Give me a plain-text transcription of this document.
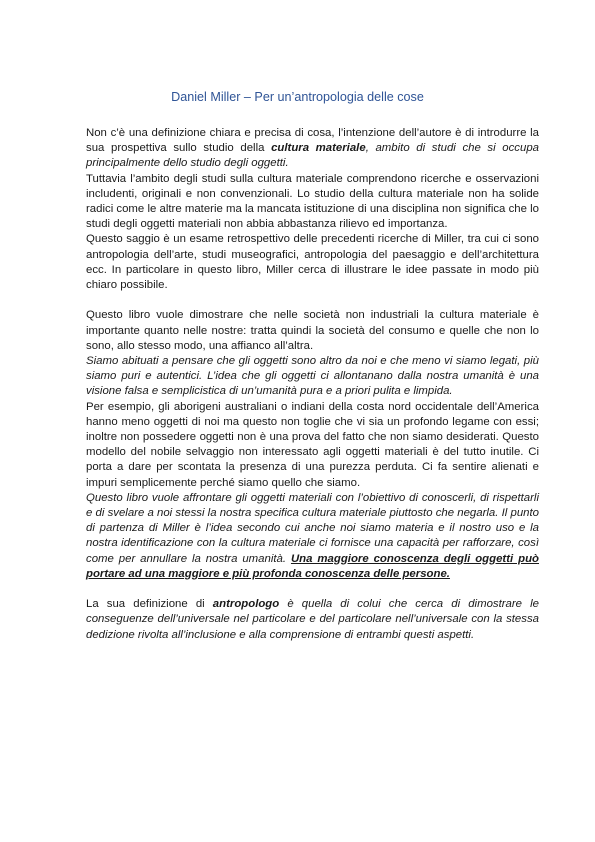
Daniel Miller – Per un’antropologia delle cose

Non c’è una definizione chiara e precisa di cosa, l’intenzione dell’autore è di introdurre la sua prospettiva sullo studio della cultura materiale, ambito di studi che si occupa principalmente dello studio degli oggetti.

Tuttavia l’ambito degli studi sulla cultura materiale comprendono ricerche e osservazioni includenti, originali e non convenzionali. Lo studio della cultura materiale non ha solide radici come le altre materie ma la mancata istituzione di una disciplina non significa che lo studi degli oggetti materiali non abbia abbastanza rilievo ed importanza.

Questo saggio è un esame retrospettivo delle precedenti ricerche di Miller, tra cui ci sono antropologia dell’arte, studi museografici, antropologia del paesaggio e dell’architettura ecc. In particolare in questo libro, Miller cerca di illustrare le idee passate in modo più chiaro possibile.

Questo libro vuole dimostrare che nelle società non industriali la cultura materiale è importante quanto nelle nostre: tratta quindi la società del consumo e quelle che non lo sono, allo stesso modo, una affianco all’altra.

Siamo abituati a pensare che gli oggetti sono altro da noi e che meno vi siamo legati, più siamo puri e autentici. L’idea che gli oggetti ci allontanano dalla nostra umanità è una visione falsa e semplicistica di un’umanità pura e a priori pulita e limpida.

Per esempio, gli aborigeni australiani o indiani della costa nord occidentale dell’America hanno meno oggetti di noi ma questo non toglie che vi sia un profondo legame con essi; inoltre non possedere oggetti non è una prova del fatto che non siamo desiderati. Questo modello del nobile selvaggio non interessato agli oggetti materiali è del tutto inutile. Ci porta a dare per scontata la presenza di una purezza perduta. Ci fa sentire alienati e impuri semplicemente perché siamo quello che siamo.

Questo libro vuole affrontare gli oggetti materiali con l’obiettivo di conoscerli, di rispettarli e di svelare a noi stessi la nostra specifica cultura materiale piuttosto che negarla. Il punto di partenza di Miller è l’idea secondo cui anche noi siamo materia e il nostro uso e la nostra identificazione con la cultura materiale ci fornisce una capacità per rafforzare, così come per annullare la nostra umanità. Una maggiore conoscenza degli oggetti può portare ad una maggiore e più profonda conoscenza delle persone.

La sua definizione di antropologo è quella di colui che cerca di dimostrare le conseguenze dell’universale nel particolare e del particolare nell’universale con la stessa dedizione rivolta all’inclusione e alla comprensione di entrambi questi aspetti.
